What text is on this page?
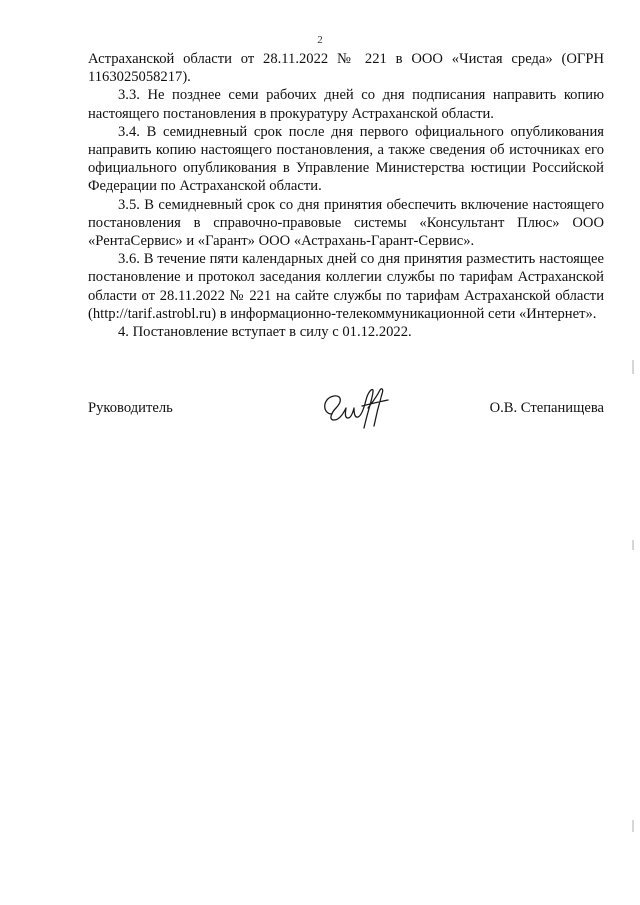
2

Астраханской области от 28.11.2022 № 221 в ООО «Чистая среда» (ОГРН 1163025058217).

3.3. Не позднее семи рабочих дней со дня подписания направить копию настоящего постановления в прокуратуру Астраханской области.

3.4. В семидневный срок после дня первого официального опубликования направить копию настоящего постановления, а также сведения об источниках его официального опубликования в Управление Министерства юстиции Российской Федерации по Астраханской области.

3.5. В семидневный срок со дня принятия обеспечить включение настоящего постановления в справочно-правовые системы «Консультант Плюс» ООО «РентаСервис» и «Гарант» ООО «Астрахань-Гарант-Сервис».

3.6. В течение пяти календарных дней со дня принятия разместить настоящее постановление и протокол заседания коллегии службы по тарифам Астраханской области от 28.11.2022 № 221 на сайте службы по тарифам Астраханской области (http://tarif.astrobl.ru) в информационно-телекоммуникационной сети «Интернет».

4. Постановление вступает в силу с 01.12.2022.

Руководитель	О.В. Степанищева
